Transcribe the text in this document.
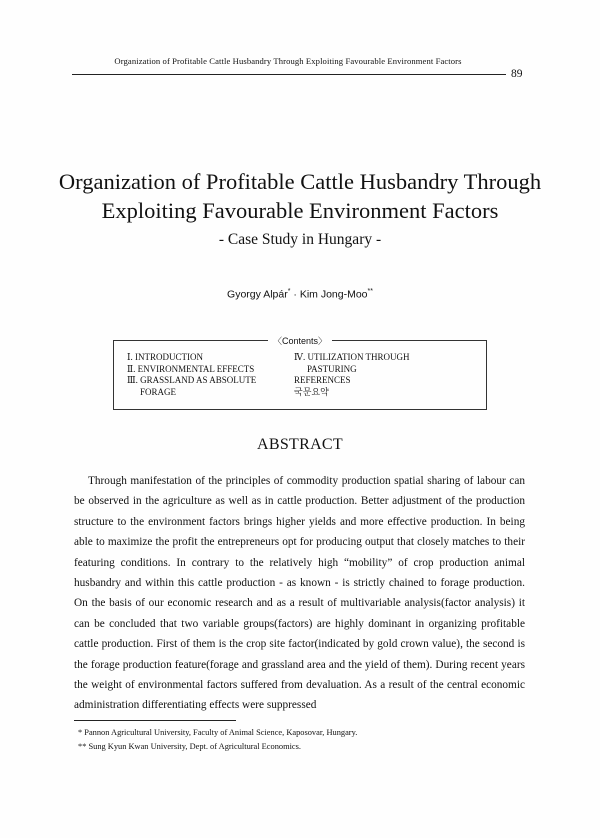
Organization of Profitable Cattle Husbandry Through Exploiting Favourable Environment Factors
89
Organization of Profitable Cattle Husbandry Through
Exploiting Favourable Environment Factors
- Case Study in Hungary -
Gyorgy Alpár* · Kim Jong-Moo**
〈Contents〉
Ⅰ. INTRODUCTION
Ⅱ. ENVIRONMENTAL EFFECTS
Ⅲ. GRASSLAND AS ABSOLUTE
FORAGE
Ⅳ. UTILIZATION THROUGH
PASTURING
REFERENCES
국문요약
ABSTRACT

Through manifestation of the principles of commodity production spatial sharing of labour can be observed in the agriculture as well as in cattle production. Better adjustment of the production structure to the environment factors brings higher yields and more effective production. In being able to maximize the profit the entrepreneurs opt for producing output that closely matches to their featuring conditions. In contrary to the relatively high “mobility” of crop production animal husbandry and within this cattle production - as known - is strictly chained to forage production. On the basis of our economic research and as a result of multivariable analysis(factor analysis) it can be concluded that two variable groups(factors) are highly dominant in organizing profitable cattle production. First of them is the crop site factor(indicated by gold crown value), the second is the forage production feature(forage and grassland area and the yield of them). During recent years the weight of environmental factors suffered from devaluation. As a result of the central economic administration differentiating effects were suppressed

* Pannon Agricultural University, Faculty of Animal Science, Kaposovar, Hungary.
** Sung Kyun Kwan University, Dept. of Agricultural Economics.
